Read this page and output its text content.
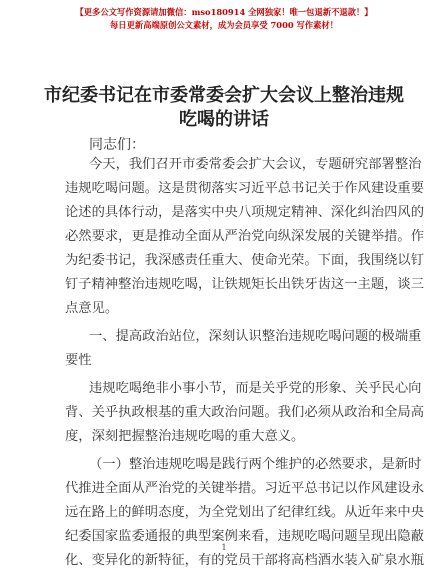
【更多公文写作资源请加微信：mso180914 全网独家！唯一包退新不退款！】
每日更新高端原创公文素材，成为会员享受 7000 写作素材！
市纪委书记在市委常委会扩大会议上整治违规
吃喝的讲话
同志们：
今天，我们召开市委常委会扩大会议，专题研究部署整治
违规吃喝问题。这是贯彻落实习近平总书记关于作风建设重要
论述的具体行动，是落实中央八项规定精神、深化纠治四风的
必然要求，更是推动全面从严治党向纵深发展的关键举措。作
为纪委书记，我深感责任重大、使命光荣。下面，我围绕以钉
钉子精神整治违规吃喝，让铁规矩长出铁牙齿这一主题，谈三
点意见。
一、提高政治站位，深刻认识整治违规吃喝问题的极端重
要性
违规吃喝绝非小事小节，而是关乎党的形象、关乎民心向
背、关乎执政根基的重大政治问题。我们必须从政治和全局高
度，深刻把握整治违规吃喝的重大意义。
（一）整治违规吃喝是践行两个维护的必然要求，是新时
代推进全面从严治党的关键举措。习近平总书记以作风建设永
远在路上的鲜明态度，为全党划出了纪律红线。从近年来中央
纪委国家监委通报的典型案例来看，违规吃喝问题呈现出隐蔽
化、变异化的新特征，有的党员干部将高档酒水装入矿泉水瓶
1
